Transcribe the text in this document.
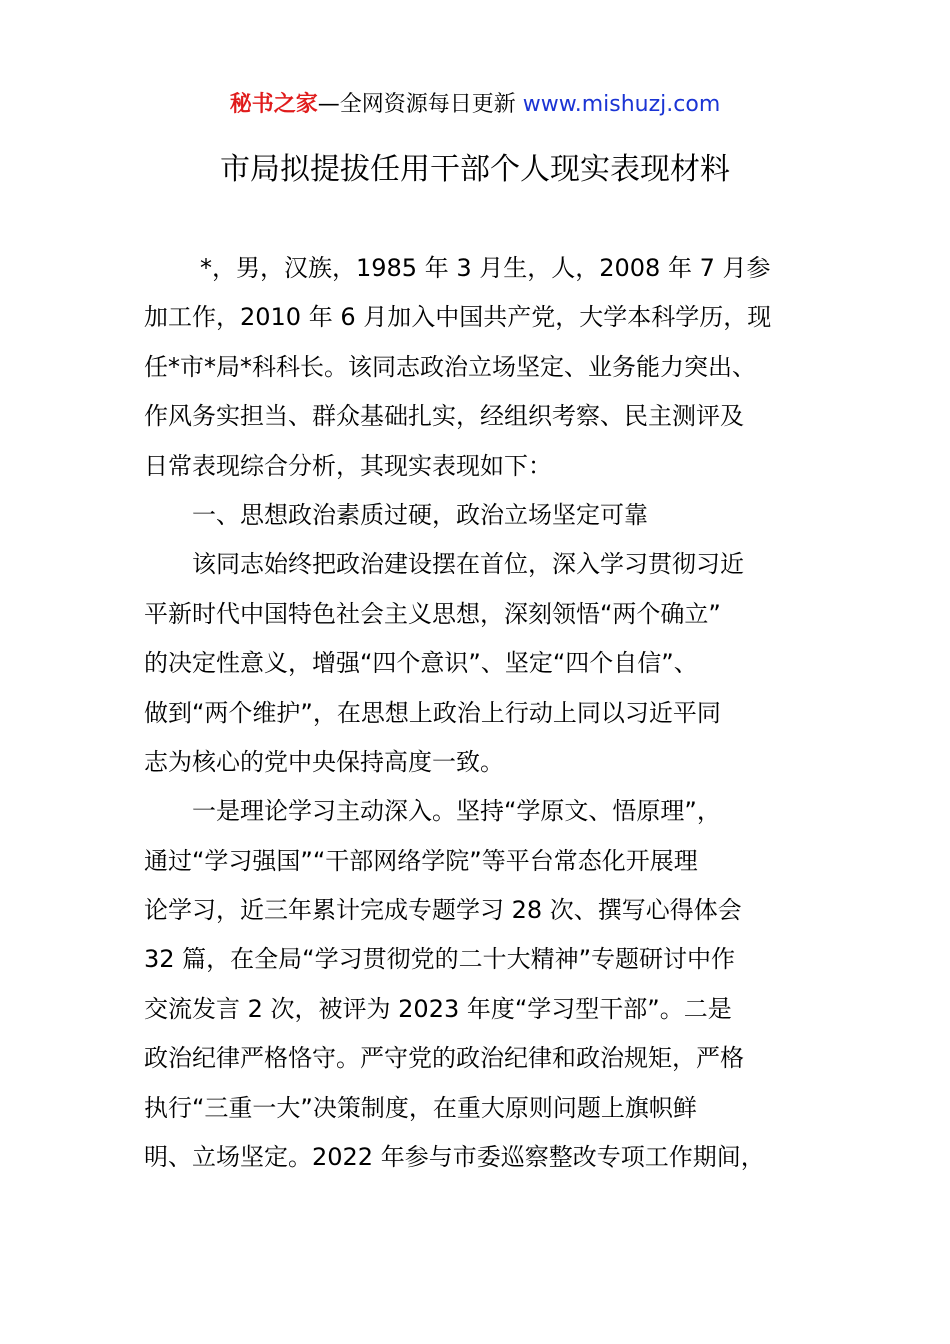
秘书之家—全网资源每日更新 www.mishuzj.com
市局拟提拔任用干部个人现实表现材料
*，男，汉族，1985 年 3 月生，人，2008 年 7 月参
加工作，2010 年 6 月加入中国共产党，大学本科学历，现
任*市*局*科科长。该同志政治立场坚定、业务能力突出、
作风务实担当、群众基础扎实，经组织考察、民主测评及
日常表现综合分析，其现实表现如下：
一、思想政治素质过硬，政治立场坚定可靠
该同志始终把政治建设摆在首位，深入学习贯彻习近
平新时代中国特色社会主义思想，深刻领悟“两个确立”
的决定性意义，增强“四个意识”、坚定“四个自信”、
做到“两个维护”，在思想上政治上行动上同以习近平同
志为核心的党中央保持高度一致。
一是理论学习主动深入。坚持“学原文、悟原理”，
通过“学习强国”“干部网络学院”等平台常态化开展理
论学习，近三年累计完成专题学习 28 次、撰写心得体会
32 篇，在全局“学习贯彻党的二十大精神”专题研讨中作
交流发言 2 次，被评为 2023 年度“学习型干部”。二是
政治纪律严格恪守。严守党的政治纪律和政治规矩，严格
执行“三重一大”决策制度，在重大原则问题上旗帜鲜
明、立场坚定。2022 年参与市委巡察整改专项工作期间，
